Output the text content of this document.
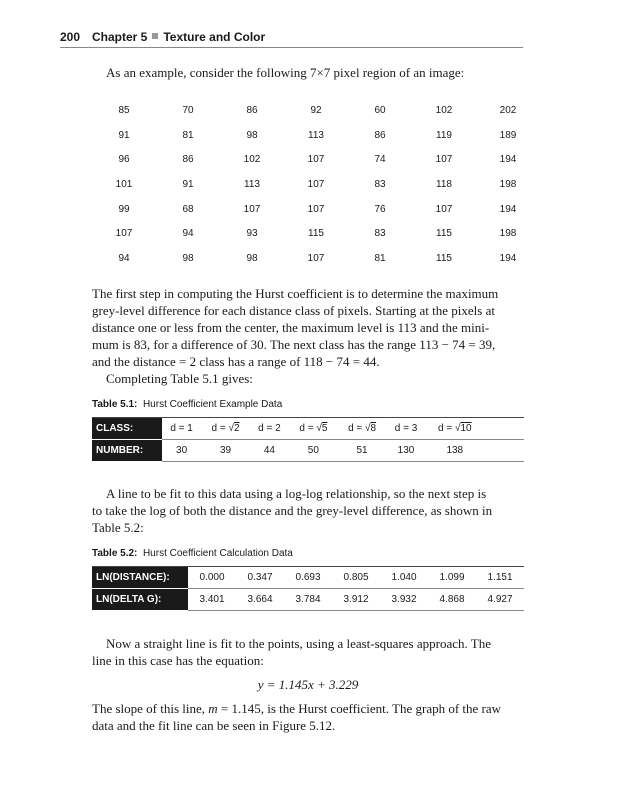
200 Chapter 5 Texture and Color
As an example, consider the following 7×7 pixel region of an image:
85	70	86	92	60	102	202
91	81	98	113	86	119	189
96	86	102	107	74	107	194
101	91	113	107	83	118	198
99	68	107	107	76	107	194
107	94	93	115	83	115	198
94	98	98	107	81	115	194
The first step in computing the Hurst coefficient is to determine the maximum
grey-level difference for each distance class of pixels. Starting at the pixels at
distance one or less from the center, the maximum level is 113 and the mini-
mum is 83, for a difference of 30. The next class has the range 113 − 74 = 39,
and the distance = 2 class has a range of 118 − 74 = 44.
Completing Table 5.1 gives:
Table 5.1: Hurst Coefficient Example Data
CLASS:	d = 1	d = √2	d = 2	d = √5	d = √8	d = 3	d = √10	
NUMBER:	30	39	44	50	51	130	138	
A line to be fit to this data using a log-log relationship, so the next step is
to take the log of both the distance and the grey-level difference, as shown in
Table 5.2:
Table 5.2: Hurst Coefficient Calculation Data
LN(DISTANCE):	0.000	0.347	0.693	0.805	1.040	1.099	1.151
LN(DELTA G):	3.401	3.664	3.784	3.912	3.932	4.868	4.927
Now a straight line is fit to the points, using a least-squares approach. The
line in this case has the equation:
y = 1.145x + 3.229
The slope of this line, m = 1.145, is the Hurst coefficient. The graph of the raw
data and the fit line can be seen in Figure 5.12.
